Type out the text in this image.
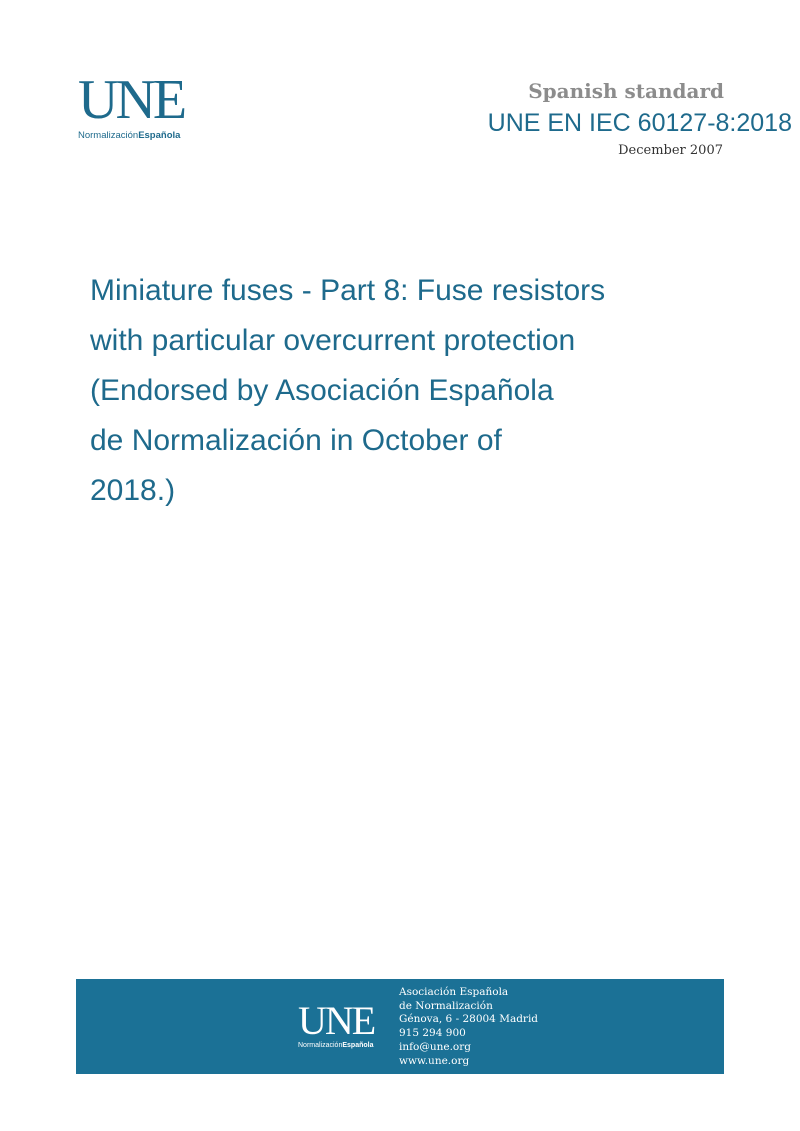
UNE
NormalizaciónEspañola
Spanish standard
UNE EN IEC 60127-8:2018
December 2007
Miniature fuses - Part 8: Fuse resistors
with particular overcurrent protection
(Endorsed by Asociación Española
de Normalización in October of
2018.)
UNE
NormalizaciónEspañola
Asociación Española
de Normalización
Génova, 6 - 28004 Madrid
915 294 900
info@une.org
www.une.org
